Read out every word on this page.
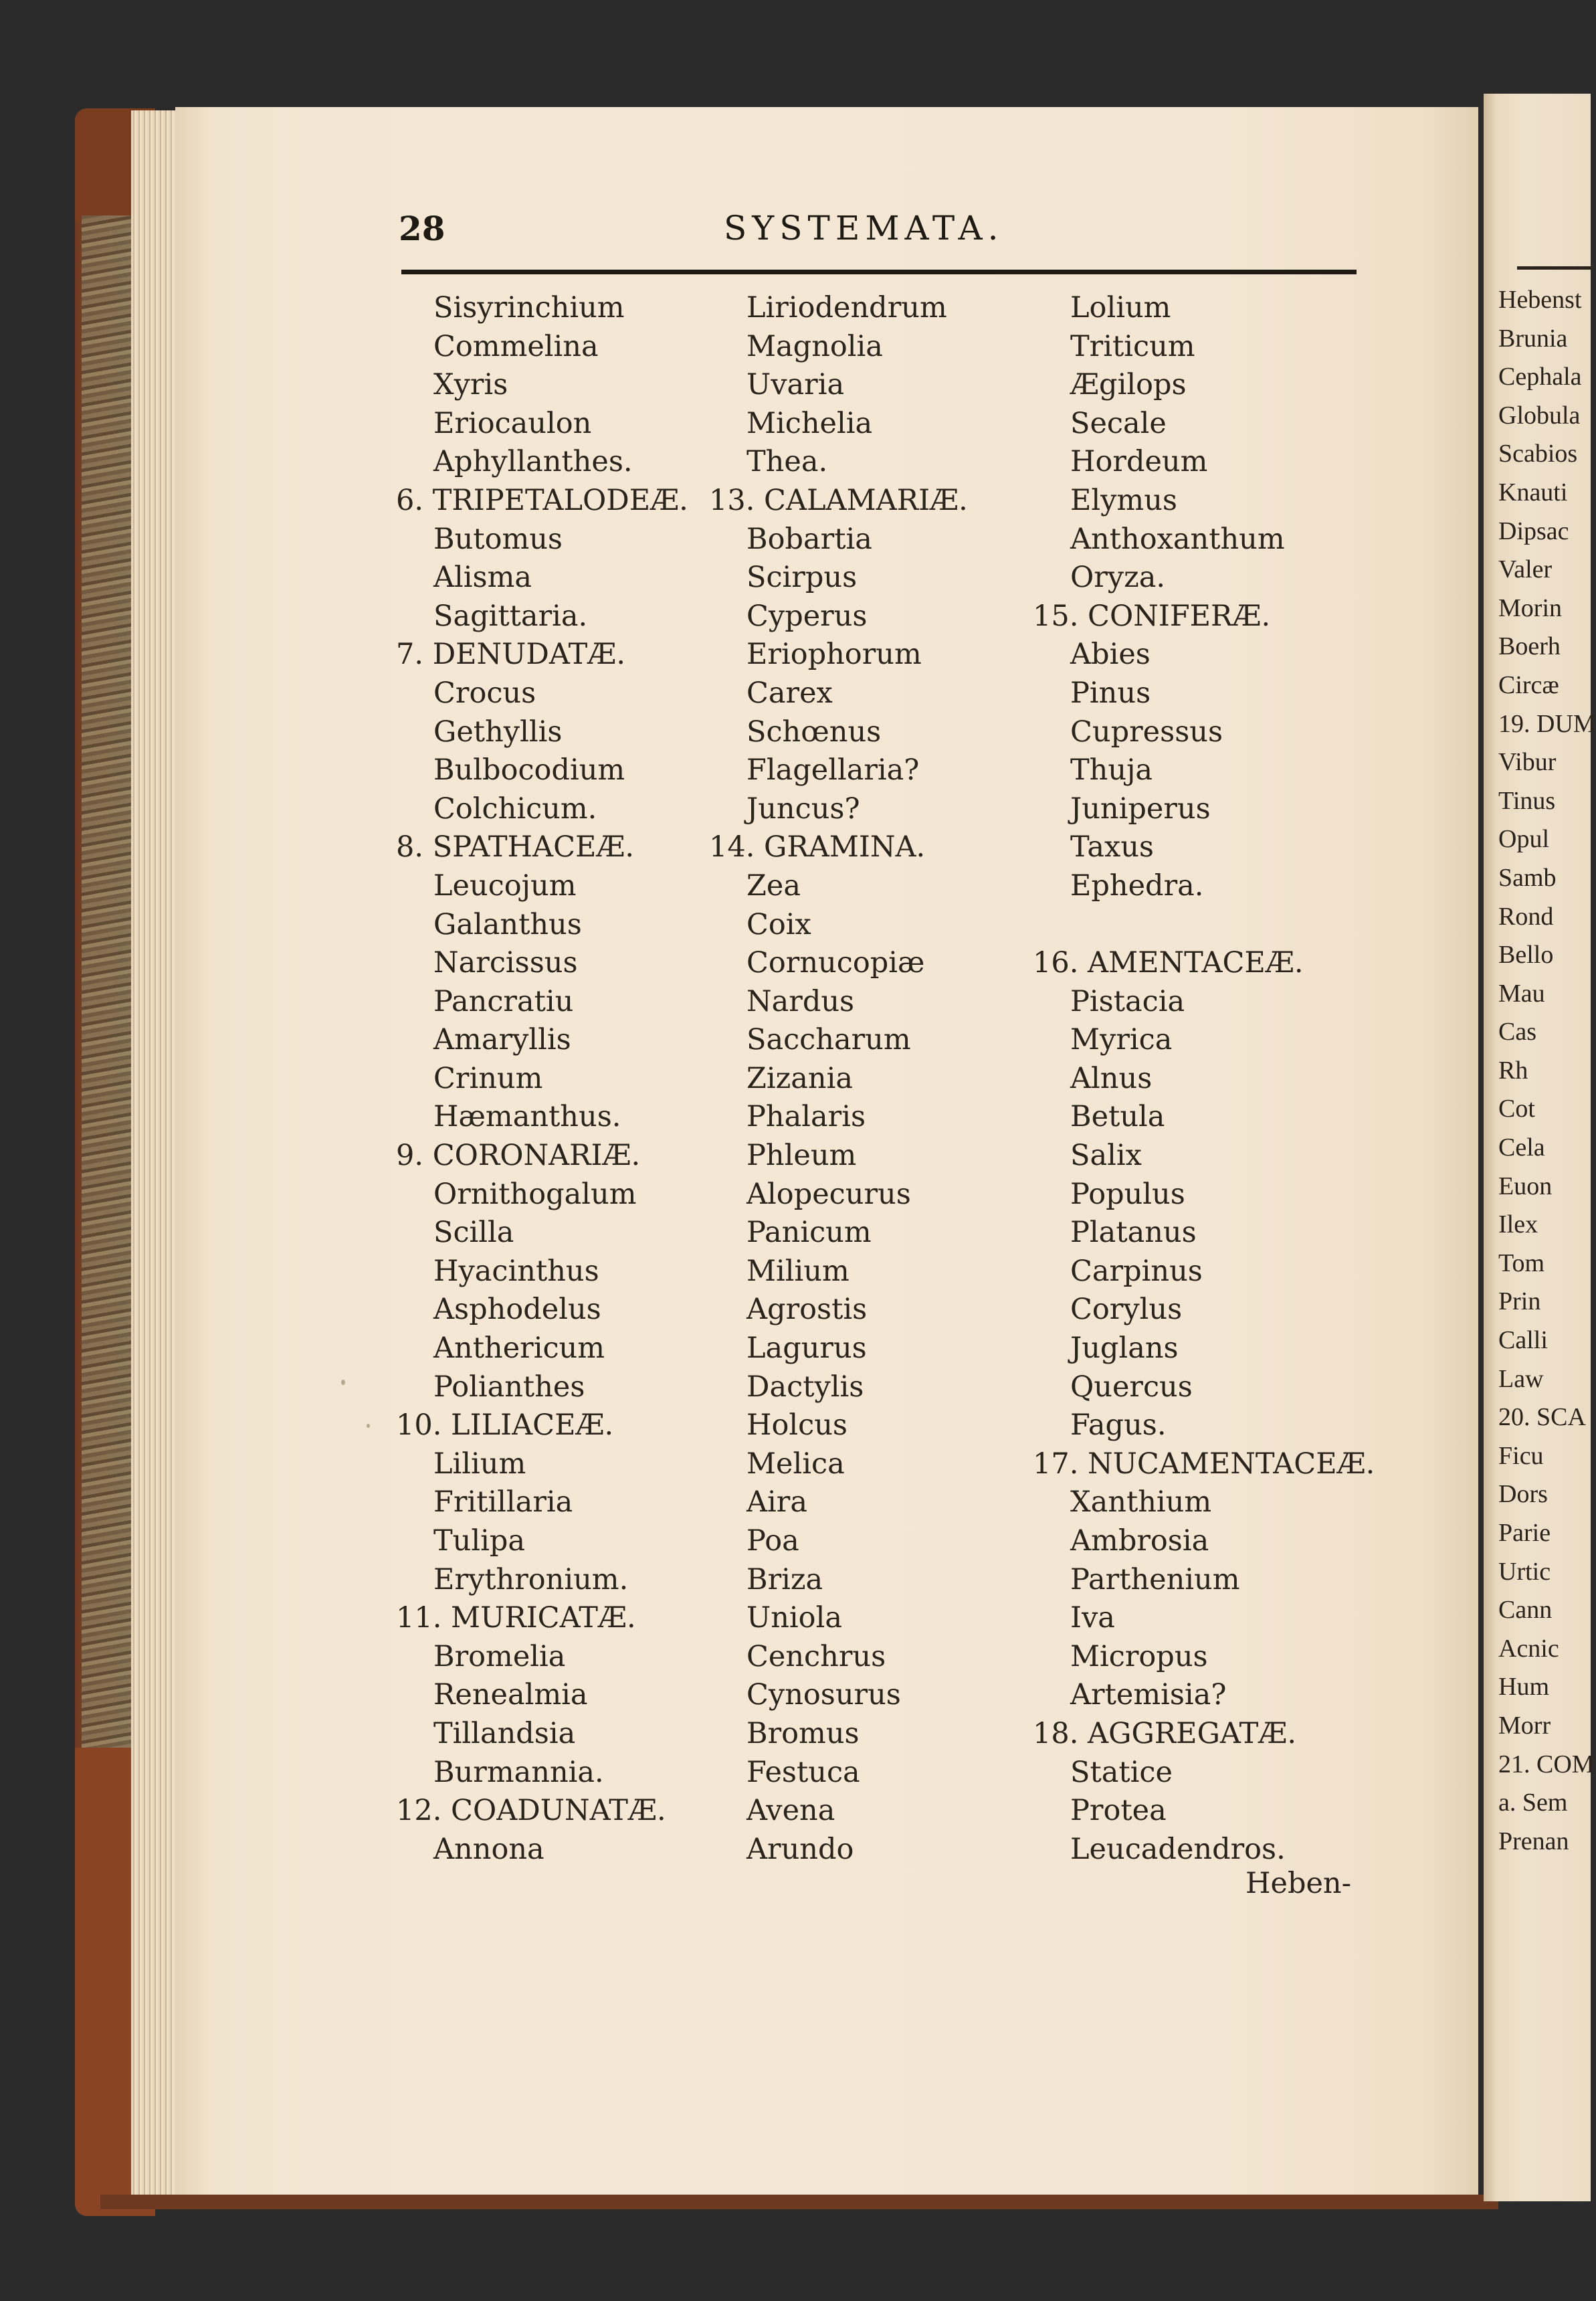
Hebenst
Brunia
Cephala
Globula
Scabios
Knauti
Dipsac
Valer
Morin
Boerh
Circæ
19. DUM
Vibur
Tinus
Opul
Samb
Rond
Bello
Mau
Cas
Rh
Cot
Cela
Euon
Ilex
Tom
Prin
Calli
Law
20. SCA
Ficu
Dors
Parie
Urtic
Cann
Acnic
Hum
Morr
21. COM
a. Sem
Prenan
28	SYSTEMATA.
Sisyrinchium
Commelina
Xyris
Eriocaulon
Aphyllanthes.
6. TRIPETALODEÆ.
Butomus
Alisma
Sagittaria.
7. DENUDATÆ.
Crocus
Gethyllis
Bulbocodium
Colchicum.
8. SPATHACEÆ.
Leucojum
Galanthus
Narcissus
Pancratiu
Amaryllis
Crinum
Hæmanthus.
9. CORONARIÆ.
Ornithogalum
Scilla
Hyacinthus
Asphodelus
Anthericum
Polianthes
10. LILIACEÆ.
Lilium
Fritillaria
Tulipa
Erythronium.
11. MURICATÆ.
Bromelia
Renealmia
Tillandsia
Burmannia.
12. COADUNATÆ.
Annona
Liriodendrum
Magnolia
Uvaria
Michelia
Thea.
13. CALAMARIÆ.
Bobartia
Scirpus
Cyperus
Eriophorum
Carex
Schœnus
Flagellaria?
Juncus?
14. GRAMINA.
Zea
Coix
Cornucopiæ
Nardus
Saccharum
Zizania
Phalaris
Phleum
Alopecurus
Panicum
Milium
Agrostis
Lagurus
Dactylis
Holcus
Melica
Aira
Poa
Briza
Uniola
Cenchrus
Cynosurus
Bromus
Festuca
Avena
Arundo
Lolium
Triticum
Ægilops
Secale
Hordeum
Elymus
Anthoxanthum
Oryza.
15. CONIFERÆ.
Abies
Pinus
Cupressus
Thuja
Juniperus
Taxus
Ephedra.
16. AMENTACEÆ.
Pistacia
Myrica
Alnus
Betula
Salix
Populus
Platanus
Carpinus
Corylus
Juglans
Quercus
Fagus.
17. NUCAMENTACEÆ.
Xanthium
Ambrosia
Parthenium
Iva
Micropus
Artemisia?
18. AGGREGATÆ.
Statice
Protea
Leucadendros.
Heben-
